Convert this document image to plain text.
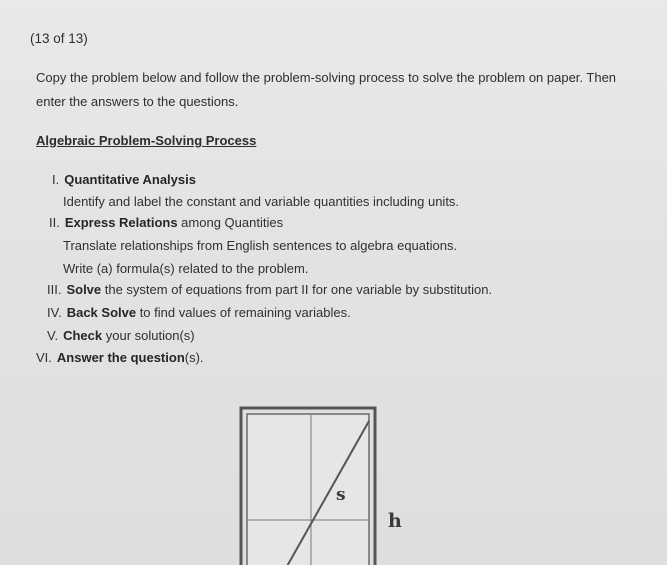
(13 of 13)
Copy the problem below and follow the problem-solving process to solve the problem on paper. Then
enter the answers to the questions.
Algebraic Problem-Solving Process
I. Quantitative Analysis
Identify and label the constant and variable quantities including units.
II. Express Relations among Quantities
Translate relationships from English sentences to algebra equations.
Write (a) formula(s) related to the problem.
III. Solve the system of equations from part II for one variable by substitution.
IV. Back Solve to find values of remaining variables.
V. Check your solution(s)
VI. Answer the question(s).
s
h
